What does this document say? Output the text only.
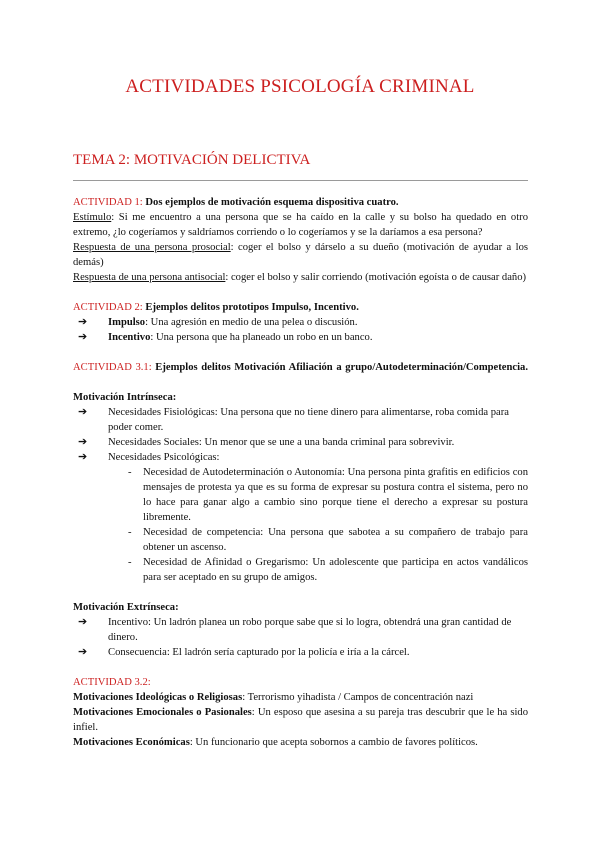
ACTIVIDADES PSICOLOGÍA CRIMINAL
TEMA 2: MOTIVACIÓN DELICTIVA

ACTIVIDAD 1: Dos ejemplos de motivación esquema dispositiva cuatro.

Estímulo: Si me encuentro a una persona que se ha caído en la calle y su bolso ha quedado en otro extremo, ¿lo cogeríamos y saldríamos corriendo o lo cogeríamos y se la daríamos a esa persona?

Respuesta de una persona prosocial: coger el bolso y dárselo a su dueño (motivación de ayudar a los demás)

Respuesta de una persona antisocial: coger el bolso y salir corriendo (motivación egoísta o de causar daño)

ACTIVIDAD 2: Ejemplos delitos prototipos Impulso, Incentivo.

➔ Impulso: Una agresión en medio de una pelea o discusión.
➔ Incentivo: Una persona que ha planeado un robo en un banco.

ACTIVIDAD 3.1: Ejemplos delitos Motivación Afiliación a grupo/Autodeterminación/Competencia.

Motivación Intrínseca:

➔ Necesidades Fisiológicas: Una persona que no tiene dinero para alimentarse, roba comida para poder comer.
➔ Necesidades Sociales: Un menor que se une a una banda criminal para sobrevivir.
➔ Necesidades Psicológicas:
- Necesidad de Autodeterminación o Autonomía: Una persona pinta grafitis en edificios con mensajes de protesta ya que es su forma de expresar su postura contra el sistema, pero no lo hace para ganar algo a cambio sino porque tiene el derecho a expresar su postura libremente.
- Necesidad de competencia: Una persona que sabotea a su compañero de trabajo para obtener un ascenso.
- Necesidad de Afinidad o Gregarismo: Un adolescente que participa en actos vandálicos para ser aceptado en su grupo de amigos.

Motivación Extrínseca:

➔ Incentivo: Un ladrón planea un robo porque sabe que si lo logra, obtendrá una gran cantidad de dinero.
➔ Consecuencia: El ladrón sería capturado por la policía e iría a la cárcel.

ACTIVIDAD 3.2:

Motivaciones Ideológicas o Religiosas: Terrorismo yihadista / Campos de concentración nazi

Motivaciones Emocionales o Pasionales: Un esposo que asesina a su pareja tras descubrir que le ha sido infiel.

Motivaciones Económicas: Un funcionario que acepta sobornos a cambio de favores políticos.
